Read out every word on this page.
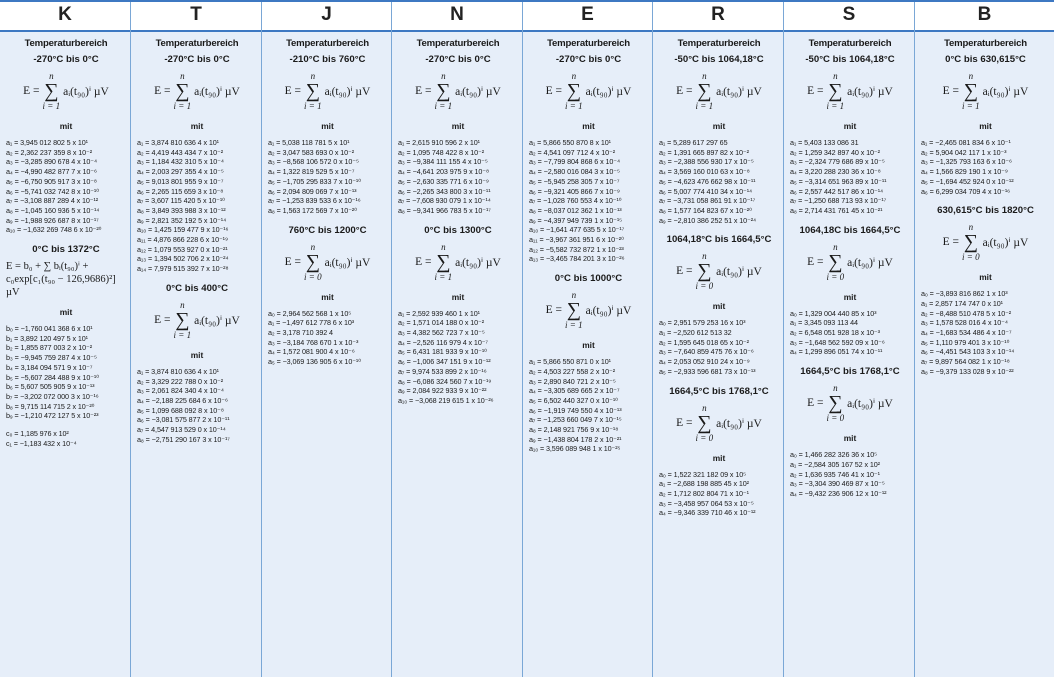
K
Temperaturbereich
-270°C bis 0°C
E =
n
∑
i = 1
aᵢ(t₉₀)ⁱ µV
mit
a₁ = 3,945 012 802 5 x 10¹
a₂ = 2,362 237 359 8 x 10⁻²
a₃ = −3,285 890 678 4 x 10⁻⁴
a₄ = −4,990 482 877 7 x 10⁻⁶
a₅ = −6,750 905 917 3 x 10⁻⁸
a₆ = −5,741 032 742 8 x 10⁻¹⁰
a₇ = −3,108 887 289 4 x 10⁻¹²
a₈ = −1,045 160 936 5 x 10⁻¹⁴
a₉ = −1,988 926 687 8 x 10⁻¹⁷
a₁₀ = −1,632 269 748 6 x 10⁻²⁰
0°C bis 1372°C
E = b₀ + ∑ bᵢ(t₉₀)ⁱ +
c₀exp[c₁(t₉₀ − 126,9686)²] µV
mit
b₀ = −1,760 041 368 6 x 10¹
b₁ = 3,892 120 497 5 x 10¹
b₂ = 1,855 877 003 2 x 10⁻²
b₃ = −9,945 759 287 4 x 10⁻⁵
b₄ = 3,184 094 571 9 x 10⁻⁷
b₅ = −5,607 284 488 9 x 10⁻¹⁰
b₆ = 5,607 505 905 9 x 10⁻¹³
b₇ = −3,202 072 000 3 x 10⁻¹⁶
b₈ = 9,715 114 715 2 x 10⁻²⁰
b₉ = −1,210 472 127 5 x 10⁻²³
c₀ = 1,185 976 x 10²
c₁ = −1,183 432 x 10⁻⁴
T
Temperaturbereich
-270°C bis 0°C
E =
n
∑
i = 1
aᵢ(t₉₀)ⁱ µV
mit
a₁ = 3,874 810 636 4 x 10¹
a₂ = 4,419 443 434 7 x 10⁻²
a₃ = 1,184 432 310 5 x 10⁻⁴
a₄ = 2,003 297 355 4 x 10⁻⁵
a₅ = 9,013 801 955 9 x 10⁻⁷
a₆ = 2,265 115 659 3 x 10⁻⁸
a₇ = 3,607 115 420 5 x 10⁻¹⁰
a₈ = 3,849 393 988 3 x 10⁻¹²
a₉ = 2,821 352 192 5 x 10⁻¹⁴
a₁₀ = 1,425 159 477 9 x 10⁻¹⁶
a₁₁ = 4,876 866 228 6 x 10⁻¹⁹
a₁₂ = 1,079 553 927 0 x 10⁻²¹
a₁₃ = 1,394 502 706 2 x 10⁻²⁴
a₁₄ = 7,979 515 392 7 x 10⁻²⁸
0°C bis 400°C
E =
n
∑
i = 1
aᵢ(t₉₀)ⁱ µV
mit
a₁ = 3,874 810 636 4 x 10¹
a₂ = 3,329 222 788 0 x 10⁻²
a₃ = 2,061 824 340 4 x 10⁻⁴
a₄ = −2,188 225 684 6 x 10⁻⁶
a₅ = 1,099 688 092 8 x 10⁻⁸
a₆ = −3,081 575 877 2 x 10⁻¹¹
a₇ = 4,547 913 529 0 x 10⁻¹⁴
a₈ = −2,751 290 167 3 x 10⁻¹⁷
J
Temperaturbereich
-210°C bis 760°C
E =
n
∑
i = 1
aᵢ(t₉₀)ⁱ µV
mit
a₁ = 5,038 118 781 5 x 10¹
a₂ = 3,047 583 693 0 x 10⁻²
a₃ = −8,568 106 572 0 x 10⁻⁵
a₄ = 1,322 819 529 5 x 10⁻⁷
a₅ = −1,705 295 833 7 x 10⁻¹⁰
a₆ = 2,094 809 069 7 x 10⁻¹³
a₇ = −1,253 839 533 6 x 10⁻¹⁶
a₈ = 1,563 172 569 7 x 10⁻²⁰
760°C bis 1200°C
E =
n
∑
i = 0
aᵢ(t₉₀)ⁱ µV
mit
a₀ = 2,964 562 568 1 x 10⁵
a₁ = −1,497 612 778 6 x 10³
a₂ = 3,178 710 392 4
a₃ = −3,184 768 670 1 x 10⁻³
a₄ = 1,572 081 900 4 x 10⁻⁶
a₅ = −3,069 136 905 6 x 10⁻¹⁰
N
Temperaturbereich
-270°C bis 0°C
E =
n
∑
i = 1
aᵢ(t₉₀)ⁱ µV
mit
a₁ = 2,615 910 596 2 x 10¹
a₂ = 1,095 748 422 8 x 10⁻²
a₃ = −9,384 111 155 4 x 10⁻⁵
a₄ = −4,641 203 975 9 x 10⁻⁸
a₅ = −2,630 335 771 6 x 10⁻⁹
a₆ = −2,265 343 800 3 x 10⁻¹¹
a₇ = −7,608 930 079 1 x 10⁻¹⁴
a₈ = −9,341 966 783 5 x 10⁻¹⁷
0°C bis 1300°C
E =
n
∑
i = 1
aᵢ(t₉₀)ⁱ µV
mit
a₁ = 2,592 939 460 1 x 10¹
a₂ = 1,571 014 188 0 x 10⁻²
a₃ = 4,382 562 723 7 x 10⁻⁵
a₄ = −2,526 116 979 4 x 10⁻⁷
a₅ = 6,431 181 933 9 x 10⁻¹⁰
a₆ = −1,006 347 151 9 x 10⁻¹²
a₇ = 9,974 533 899 2 x 10⁻¹⁶
a₈ = −6,086 324 560 7 x 10⁻¹⁹
a₉ = 2,084 922 933 9 x 10⁻²²
a₁₀ = −3,068 219 615 1 x 10⁻²⁶
E
Temperaturbereich
-270°C bis 0°C
E =
n
∑
i = 1
aᵢ(t₉₀)ⁱ µV
mit
a₁ = 5,866 550 870 8 x 10¹
a₂ = 4,541 097 712 4 x 10⁻²
a₃ = −7,799 804 868 6 x 10⁻⁴
a₄ = −2,580 016 084 3 x 10⁻⁵
a₅ = −5,945 258 305 7 x 10⁻⁷
a₆ = −9,321 405 866 7 x 10⁻⁹
a₇ = −1,028 760 553 4 x 10⁻¹⁰
a₈ = −8,037 012 362 1 x 10⁻¹³
a₉ = −4,397 949 739 1 x 10⁻¹⁵
a₁₀ = −1,641 477 635 5 x 10⁻¹⁷
a₁₁ = −3,967 361 951 6 x 10⁻²⁰
a₁₂ = −5,582 732 872 1 x 10⁻²³
a₁₃ = −3,465 784 201 3 x 10⁻²⁶
0°C bis 1000°C
E =
n
∑
i = 1
aᵢ(t₉₀)ⁱ µV
mit
a₁ = 5,866 550 871 0 x 10¹
a₂ = 4,503 227 558 2 x 10⁻²
a₃ = 2,890 840 721 2 x 10⁻⁵
a₄ = −3,305 689 665 2 x 10⁻⁷
a₅ = 6,502 440 327 0 x 10⁻¹⁰
a₆ = −1,919 749 550 4 x 10⁻¹³
a₇ = −1,253 660 049 7 x 10⁻¹⁵
a₈ = 2,148 921 756 9 x 10⁻¹⁸
a₉ = −1,438 804 178 2 x 10⁻²¹
a₁₀ = 3,596 089 948 1 x 10⁻²⁵
R
Temperaturbereich
-50°C bis 1064,18°C
E =
n
∑
i = 1
aᵢ(t₉₀)ⁱ µV
mit
a₁ = 5,289 617 297 65
a₂ = 1,391 665 897 82 x 10⁻²
a₃ = −2,388 556 930 17 x 10⁻⁵
a₄ = 3,569 160 010 63 x 10⁻⁸
a₅ = −4,623 476 662 98 x 10⁻¹¹
a₆ = 5,007 774 410 34 x 10⁻¹⁴
a₇ = −3,731 058 861 91 x 10⁻¹⁷
a₈ = 1,577 164 823 67 x 10⁻²⁰
a₉ = −2,810 386 252 51 x 10⁻²⁴
1064,18°C bis 1664,5°C
E =
n
∑
i = 0
aᵢ(t₉₀)ⁱ µV
mit
a₀ = 2,951 579 253 16 x 10³
a₁ = −2,520 612 513 32
a₂ = 1,595 645 018 65 x 10⁻²
a₃ = −7,640 859 475 76 x 10⁻⁶
a₄ = 2,053 052 910 24 x 10⁻⁹
a₅ = −2,933 596 681 73 x 10⁻¹³
1664,5°C bis 1768,1°C
E =
n
∑
i = 0
aᵢ(t₉₀)ⁱ µV
mit
a₀ = 1,522 321 182 09 x 10⁵
a₁ = −2,688 198 885 45 x 10²
a₂ = 1,712 802 804 71 x 10⁻¹
a₃ = −3,458 957 064 53 x 10⁻⁵
a₄ = −9,346 339 710 46 x 10⁻¹²
S
Temperaturbereich
-50°C bis 1064,18°C
E =
n
∑
i = 1
aᵢ(t₉₀)ⁱ µV
mit
a₁ = 5,403 133 086 31
a₂ = 1,259 342 897 40 x 10⁻²
a₃ = −2,324 779 686 89 x 10⁻⁵
a₄ = 3,220 288 230 36 x 10⁻⁸
a₅ = −3,314 651 963 89 x 10⁻¹¹
a₆ = 2,557 442 517 86 x 10⁻¹⁴
a₇ = −1,250 688 713 93 x 10⁻¹⁷
a₈ = 2,714 431 761 45 x 10⁻²¹
1064,18C bis 1664,5°C
E =
n
∑
i = 0
aᵢ(t₉₀)ⁱ µV
mit
a₀ = 1,329 004 440 85 x 10³
a₁ = 3,345 093 113 44
a₂ = 6,548 051 928 18 x 10⁻³
a₃ = −1,648 562 592 09 x 10⁻⁶
a₄ = 1,299 896 051 74 x 10⁻¹¹
1664,5°C bis 1768,1°C
E =
n
∑
i = 0
aᵢ(t₉₀)ⁱ µV
mit
a₀ = 1,466 282 326 36 x 10⁵
a₁ = −2,584 305 167 52 x 10²
a₂ = 1,636 935 746 41 x 10⁻¹
a₃ = −3,304 390 469 87 x 10⁻⁵
a₄ = −9,432 236 906 12 x 10⁻¹²
B
Temperaturbereich
0°C bis 630,615°C
E =
n
∑
i = 1
aᵢ(t₉₀)ⁱ µV
mit
a₁ = −2,465 081 834 6 x 10⁻¹
a₂ = 5,904 042 117 1 x 10⁻³
a₃ = −1,325 793 163 6 x 10⁻⁶
a₄ = 1,566 829 190 1 x 10⁻⁹
a₅ = −1,694 452 924 0 x 10⁻¹²
a₆ = 6,299 034 709 4 x 10⁻¹⁶
630,615°C bis 1820°C
E =
n
∑
i = 0
aᵢ(t₉₀)ⁱ µV
mit
a₀ = −3,893 816 862 1 x 10³
a₁ = 2,857 174 747 0 x 10¹
a₂ = −8,488 510 478 5 x 10⁻²
a₃ = 1,578 528 016 4 x 10⁻⁴
a₄ = −1,683 534 486 4 x 10⁻⁷
a₅ = 1,110 979 401 3 x 10⁻¹⁰
a₆ = −4,451 543 103 3 x 10⁻¹⁴
a₇ = 9,897 564 082 1 x 10⁻¹⁸
a₈ = −9,379 133 028 9 x 10⁻²²
